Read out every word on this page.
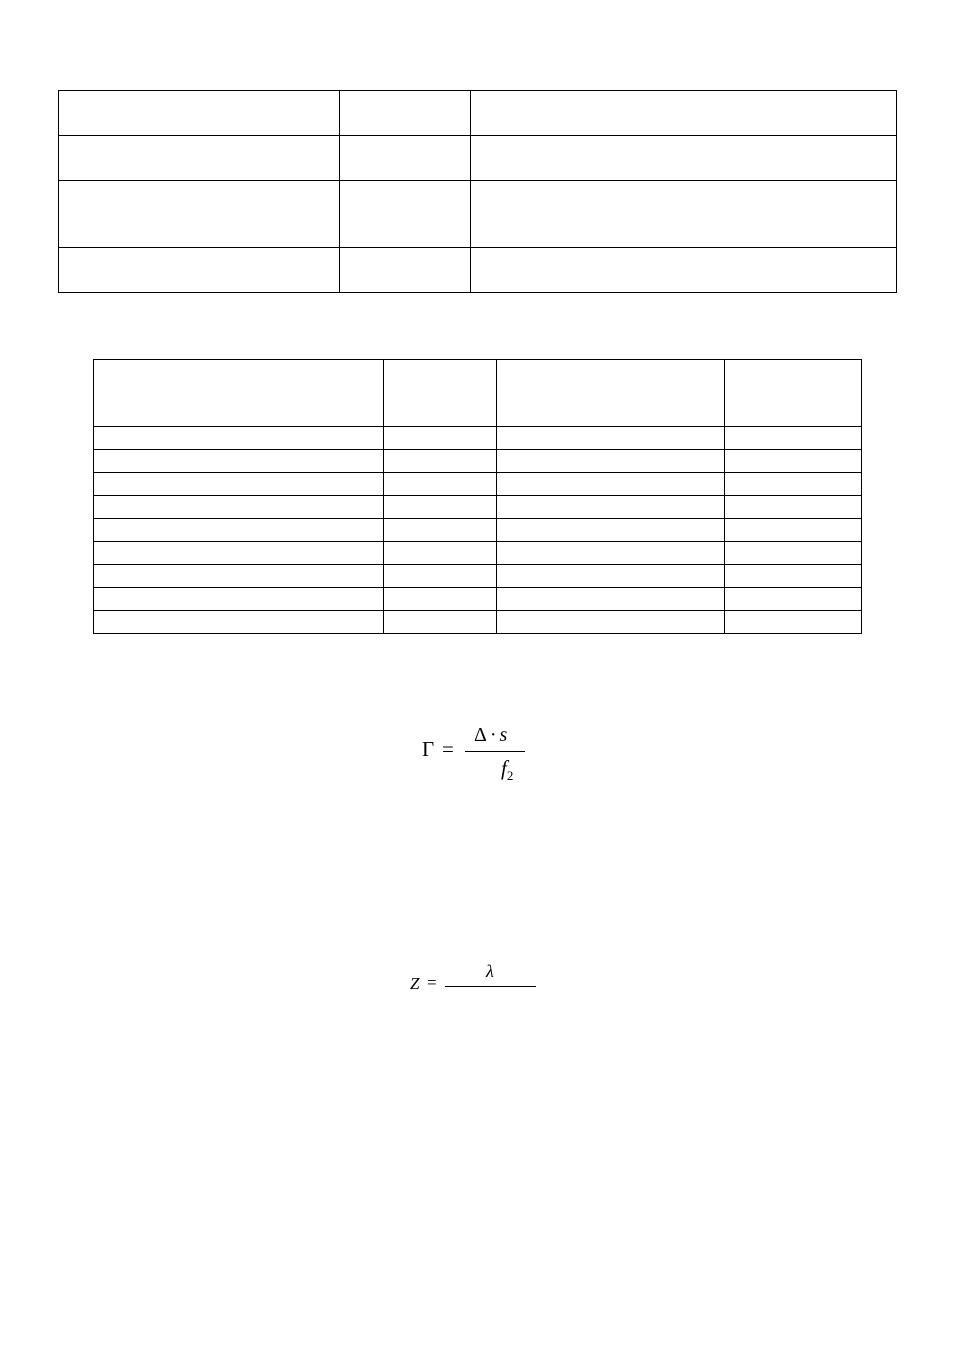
Γ =
Δ · s
$f_2$
Z =
λ
